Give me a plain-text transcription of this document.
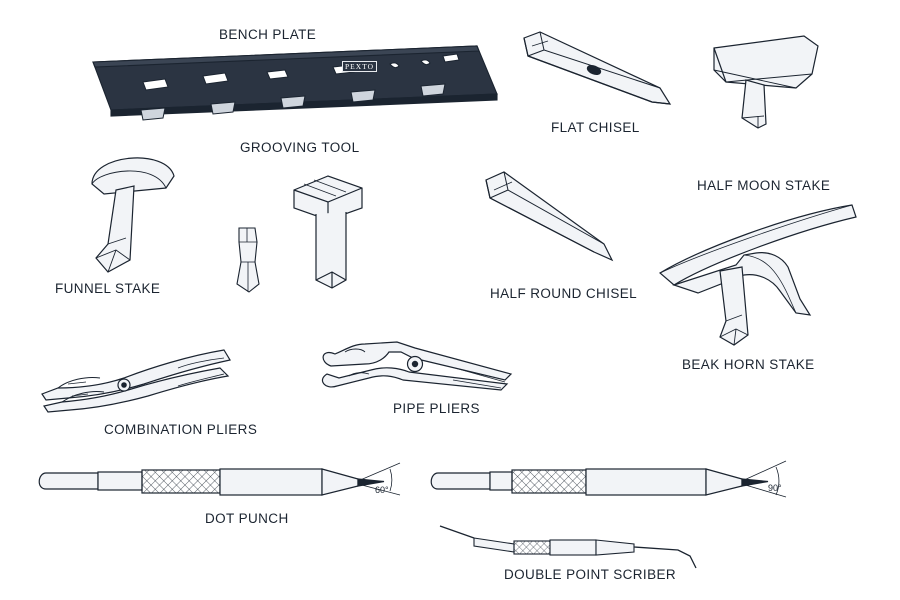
PEXTO
BENCH PLATE
FLAT CHISEL
HALF MOON STAKE
GROOVING TOOL
FUNNEL STAKE	HALF ROUND CHISEL
BEAK HORN STAKE
COMBINATION PLIERS
PIPE PLIERS
60°
DOT PUNCH
90°
DOUBLE POINT SCRIBER
